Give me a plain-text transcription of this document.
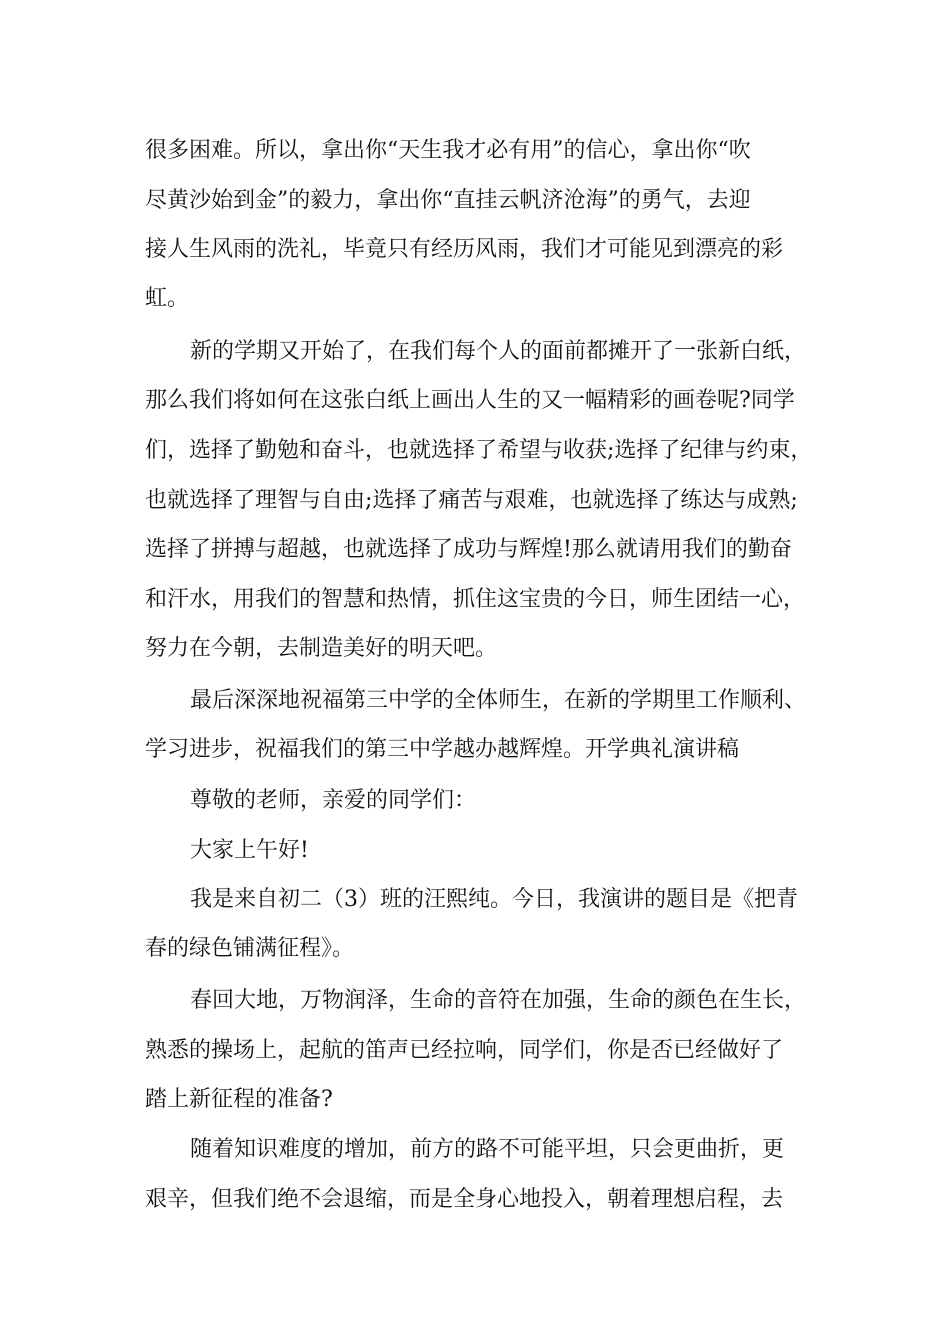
很多困难。所以，拿出你“天生我才必有用”的信心，拿出你“吹
尽黄沙始到金”的毅力，拿出你“直挂云帆济沧海”的勇气，去迎
接人生风雨的洗礼，毕竟只有经历风雨，我们才可能见到漂亮的彩
虹。
新的学期又开始了，在我们每个人的面前都摊开了一张新白纸，
那么我们将如何在这张白纸上画出人生的又一幅精彩的画卷呢?同学
们，选择了勤勉和奋斗，也就选择了希望与收获;选择了纪律与约束，
也就选择了理智与自由;选择了痛苦与艰难，也就选择了练达与成熟;
选择了拼搏与超越，也就选择了成功与辉煌!那么就请用我们的勤奋
和汗水，用我们的智慧和热情，抓住这宝贵的今日，师生团结一心，
努力在今朝，去制造美好的明天吧。
最后深深地祝福第三中学的全体师生，在新的学期里工作顺利、
学习进步，祝福我们的第三中学越办越辉煌。开学典礼演讲稿
尊敬的老师，亲爱的同学们：
大家上午好!
我是来自初二（3）班的汪熙纯。今日，我演讲的题目是《把青
春的绿色铺满征程》。
春回大地，万物润泽，生命的音符在加强，生命的颜色在生长，
熟悉的操场上，起航的笛声已经拉响，同学们，你是否已经做好了
踏上新征程的准备?
随着知识难度的增加，前方的路不可能平坦，只会更曲折，更
艰辛，但我们绝不会退缩，而是全身心地投入，朝着理想启程，去
